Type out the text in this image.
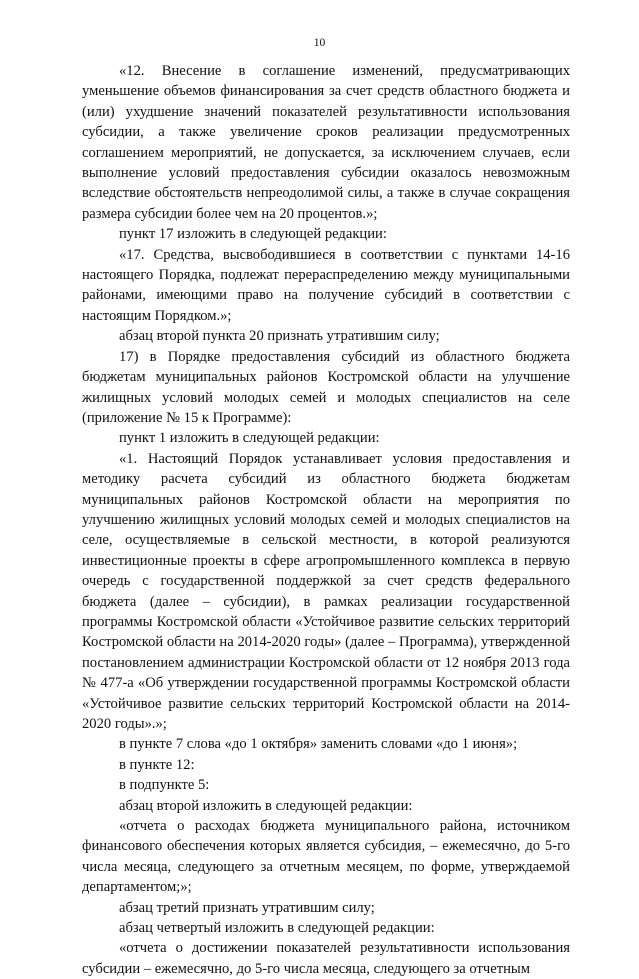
10

«12. Внесение в соглашение изменений, предусматривающих уменьшение объемов финансирования за счет средств областного бюджета и (или) ухудшение значений показателей результативности использования субсидии, а также увеличение сроков реализации предусмотренных соглашением мероприятий, не допускается, за исключением случаев, если выполнение условий предоставления субсидии оказалось невозможным вследствие обстоятельств непреодолимой силы, а также в случае сокращения размера субсидии более чем на 20 процентов.»;

пункт 17 изложить в следующей редакции:

«17. Средства, высвободившиеся в соответствии с пунктами 14-16 настоящего Порядка, подлежат перераспределению между муниципальными районами, имеющими право на получение субсидий в соответствии с настоящим Порядком.»;

абзац второй пункта 20 признать утратившим силу;

17) в Порядке предоставления субсидий из областного бюджета бюджетам муниципальных районов Костромской области на улучшение жилищных условий молодых семей и молодых специалистов на селе (приложение № 15 к Программе):

пункт 1 изложить в следующей редакции:

«1. Настоящий Порядок устанавливает условия предоставления и методику расчета субсидий из областного бюджета бюджетам муниципальных районов Костромской области на мероприятия по улучшению жилищных условий молодых семей и молодых специалистов на селе, осуществляемые в сельской местности, в которой реализуются инвестиционные проекты в сфере агропромышленного комплекса в первую очередь с государственной поддержкой за счет средств федерального бюджета (далее – субсидии), в рамках реализации государственной программы Костромской области «Устойчивое развитие сельских территорий Костромской области на 2014-2020 годы» (далее – Программа), утвержденной постановлением администрации Костромской области от 12 ноября 2013 года № 477-а «Об утверждении государственной программы Костромской области «Устойчивое развитие сельских территорий Костромской области на 2014-2020 годы».»;

в пункте 7 слова «до 1 октября» заменить словами «до 1 июня»;

в пункте 12:

в подпункте 5:

абзац второй изложить в следующей редакции:

«отчета о расходах бюджета муниципального района, источником финансового обеспечения которых является субсидия, – ежемесячно, до 5-го числа месяца, следующего за отчетным месяцем, по форме, утверждаемой департаментом;»;

абзац третий признать утратившим силу;

абзац четвертый изложить в следующей редакции:

«отчета о достижении показателей результативности использования субсидии – ежемесячно, до 5-го числа месяца, следующего за отчетным
